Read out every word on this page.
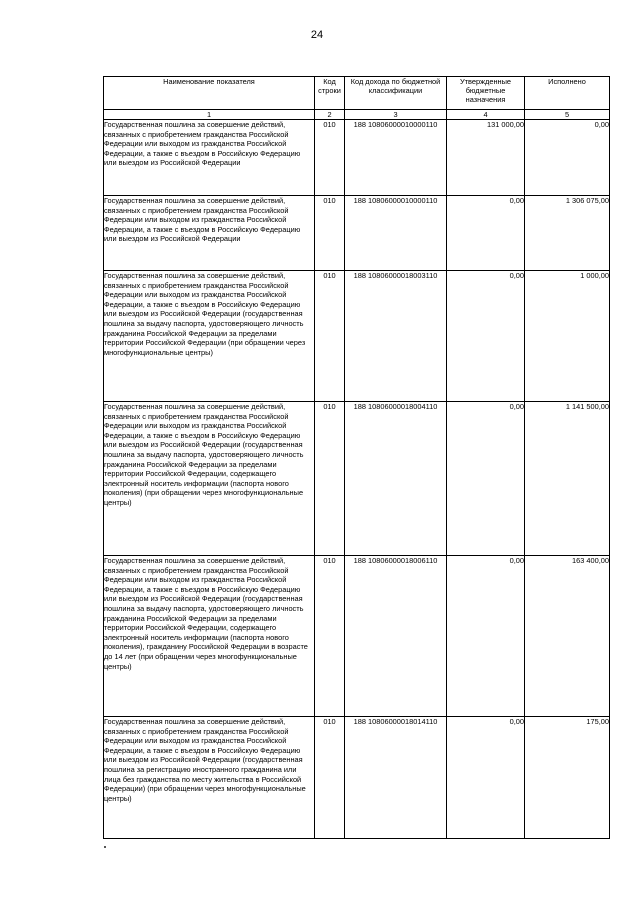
24
Наименование показателя	Код строки	Код дохода по бюджетной классификации	Утвержденные бюджетные назначения	Исполнено
1	2	3	4	5
Государственная пошлина за совершение действий, связанных с приобретением гражданства Российской Федерации или выходом из гражданства Российской Федерации, а также с въездом в Российскую Федерацию или выездом из Российской Федерации	010	188 10806000010000110	131 000,00	0,00
Государственная пошлина за совершение действий, связанных с приобретением гражданства Российской Федерации или выходом из гражданства Российской Федерации, а также с въездом в Российскую Федерацию или выездом из Российской Федерации	010	188 10806000010000110	0,00	1 306 075,00
Государственная пошлина за совершение действий, связанных с приобретением гражданства Российской Федерации или выходом из гражданства Российской Федерации, а также с въездом в Российскую Федерацию или выездом из Российской Федерации (государственная пошлина за выдачу паспорта, удостоверяющего личность гражданина Российской Федерации за пределами территории Российской Федерации (при обращении через многофункциональные центры)	010	188 10806000018003110	0,00	1 000,00
Государственная пошлина за совершение действий, связанных с приобретением гражданства Российской Федерации или выходом из гражданства Российской Федерации, а также с въездом в Российскую Федерацию или выездом из Российской Федерации (государственная пошлина за выдачу паспорта, удостоверяющего личность гражданина Российской Федерации за пределами территории Российской Федерации, содержащего электронный носитель информации (паспорта нового поколения) (при обращении через многофункциональные центры)	010	188 10806000018004110	0,00	1 141 500,00
Государственная пошлина за совершение действий, связанных с приобретением гражданства Российской Федерации или выходом из гражданства Российской Федерации, а также с въездом в Российскую Федерацию или выездом из Российской Федерации (государственная пошлина за выдачу паспорта, удостоверяющего личность гражданина Российской Федерации за пределами территории Российской Федерации, содержащего электронный носитель информации (паспорта нового поколения), гражданину Российской Федерации в возрасте до 14 лет (при обращении через многофункциональные центры)	010	188 10806000018006110	0,00	163 400,00
Государственная пошлина за совершение действий, связанных с приобретением гражданства Российской Федерации или выходом из гражданства Российской Федерации, а также с въездом в Российскую Федерацию или выездом из Российской Федерации (государственная пошлина за регистрацию иностранного гражданина или лица без гражданства по месту жительства в Российской Федерации) (при обращении через многофункциональные центры)	010	188 10806000018014110	0,00	175,00
